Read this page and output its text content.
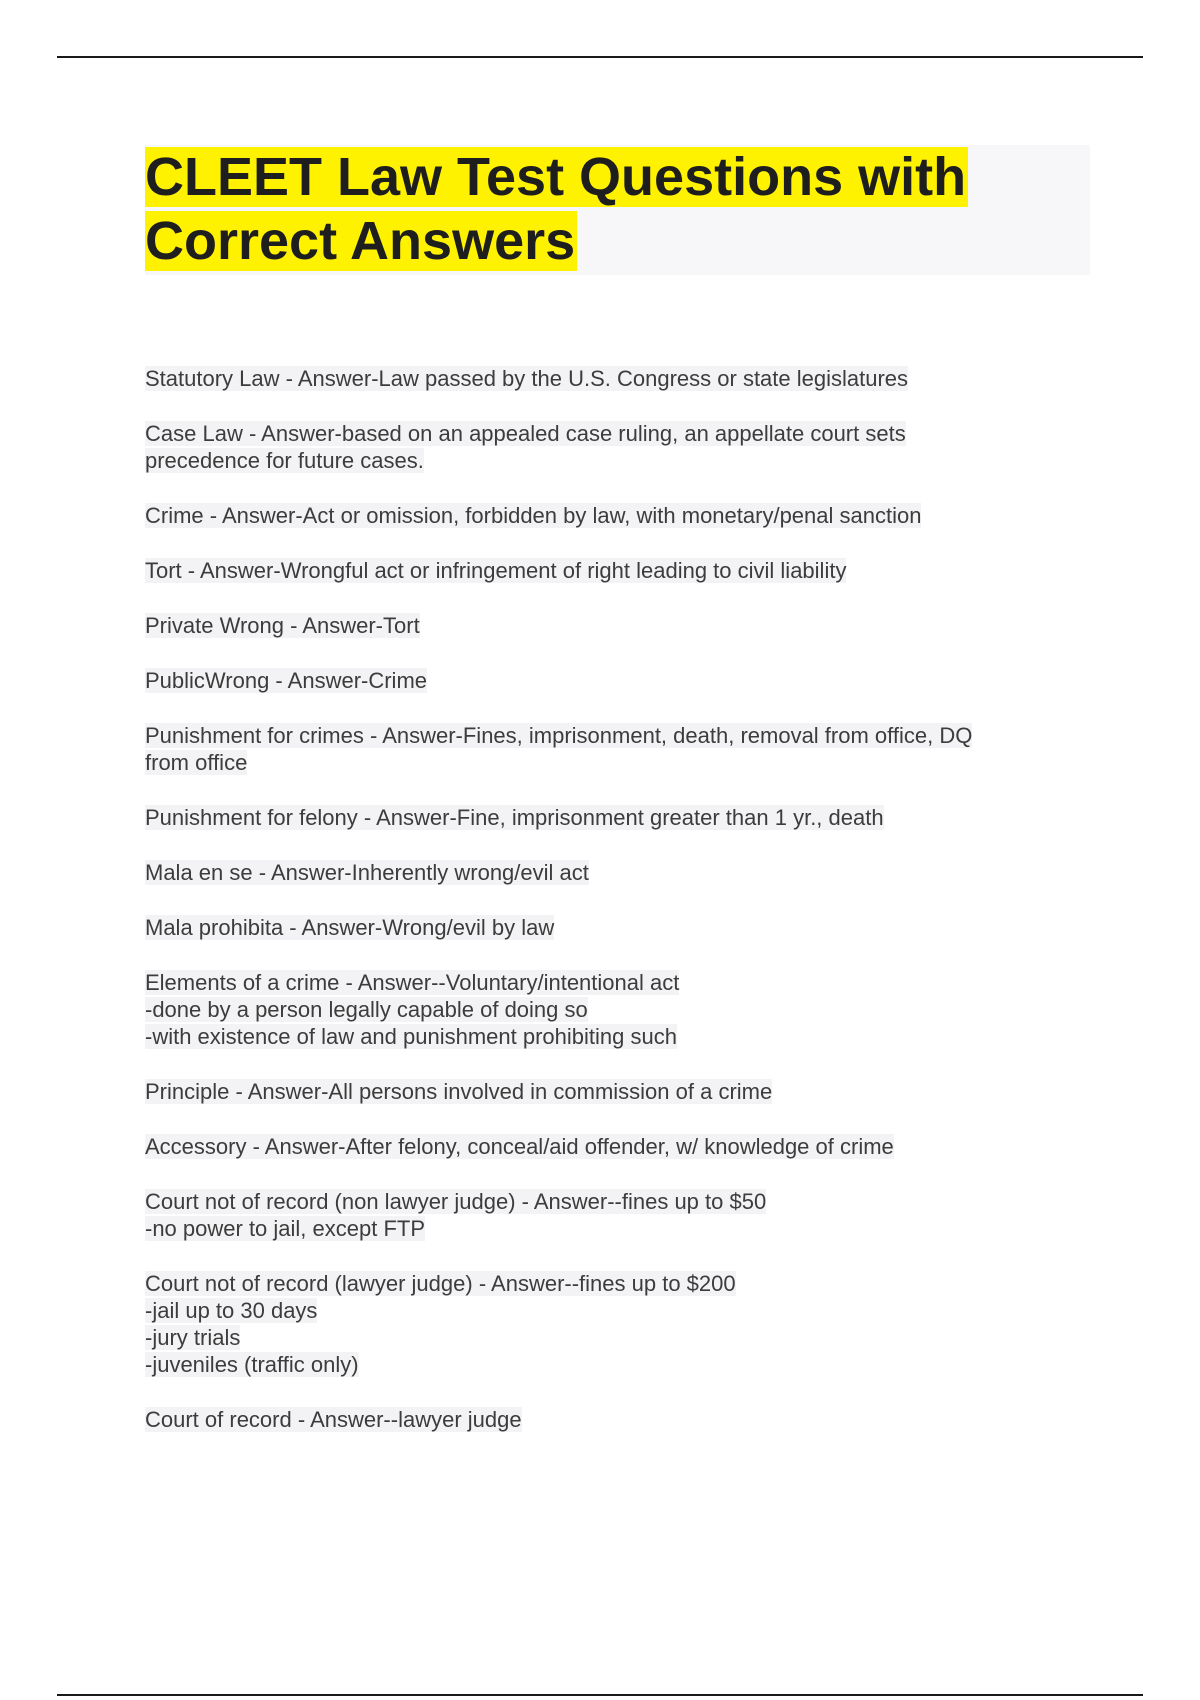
CLEET Law Test Questions with
Correct Answers
Statutory Law - Answer-Law passed by the U.S. Congress or state legislatures
Case Law - Answer-based on an appealed case ruling, an appellate court sets
precedence for future cases.
Crime - Answer-Act or omission, forbidden by law, with monetary/penal sanction
Tort - Answer-Wrongful act or infringement of right leading to civil liability
Private Wrong - Answer-Tort
PublicWrong - Answer-Crime
Punishment for crimes - Answer-Fines, imprisonment, death, removal from office, DQ
from office
Punishment for felony - Answer-Fine, imprisonment greater than 1 yr., death
Mala en se - Answer-Inherently wrong/evil act
Mala prohibita - Answer-Wrong/evil by law
Elements of a crime - Answer--Voluntary/intentional act
-done by a person legally capable of doing so
-with existence of law and punishment prohibiting such
Principle - Answer-All persons involved in commission of a crime
Accessory - Answer-After felony, conceal/aid offender, w/ knowledge of crime
Court not of record (non lawyer judge) - Answer--fines up to $50
-no power to jail, except FTP
Court not of record (lawyer judge) - Answer--fines up to $200
-jail up to 30 days
-jury trials
-juveniles (traffic only)
Court of record - Answer--lawyer judge
